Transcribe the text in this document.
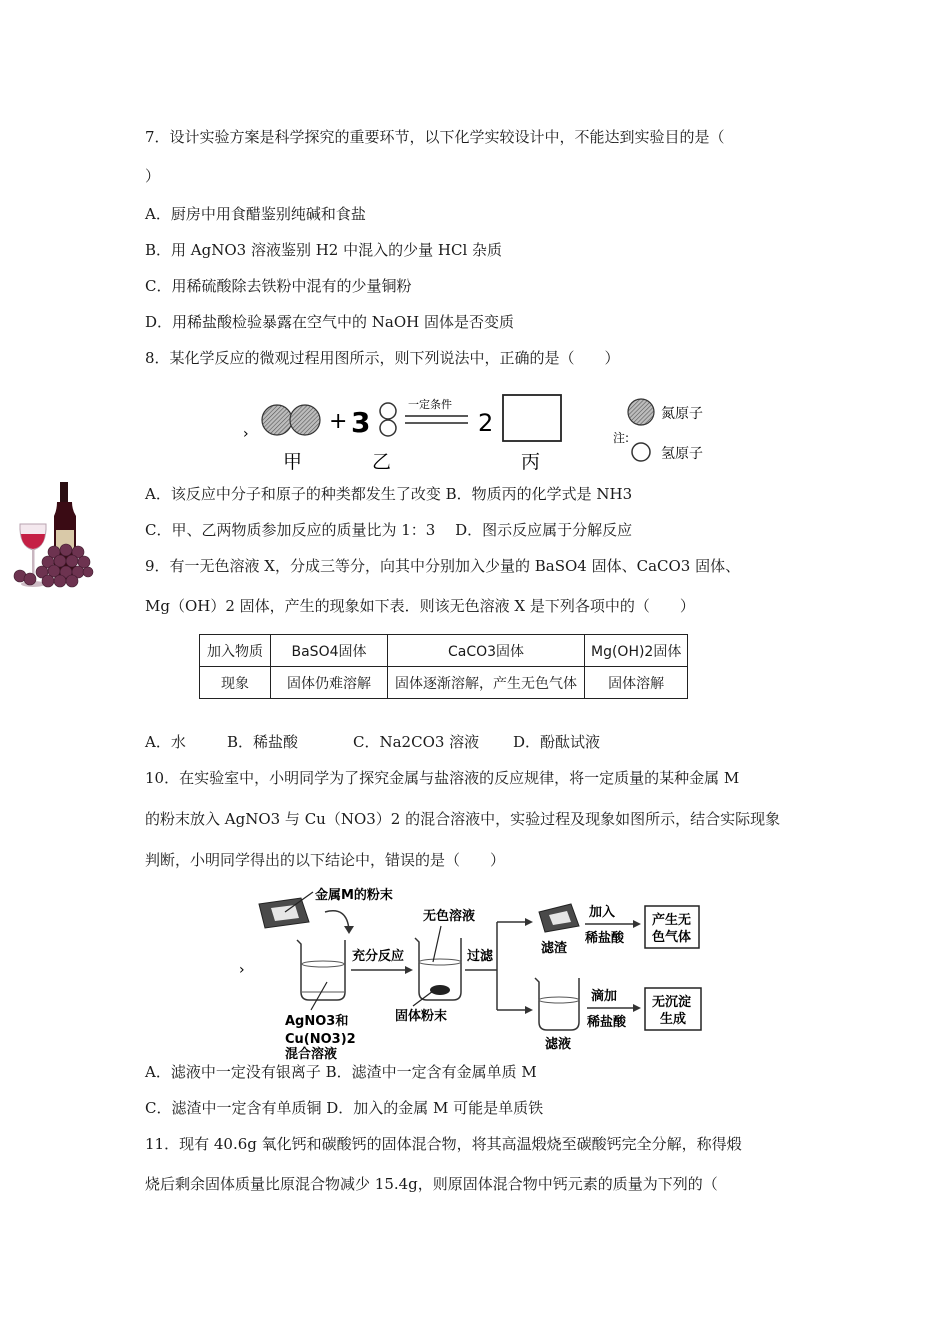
7．设计实验方案是科学探究的重要环节，以下化学实较设计中，不能达到实验目的是（
）
A．厨房中用食醋鉴别纯碱和食盐
B．用 AgNO3 溶液鉴别 H2 中混入的少量 HCl 杂质
C．用稀硫酸除去铁粉中混有的少量铜粉
D．用稀盐酸检验暴露在空气中的 NaOH 固体是否变质
8．某化学反应的微观过程用图所示，则下列说法中，正确的是（　　）
›	+ 3
一定条件
2	氮原子
注:
氢原子
甲	乙	丙
A．该反应中分子和原子的种类都发生了改变 B．物质丙的化学式是 NH3
C．甲、乙两物质参加反应的质量比为 1：3　 D．图示反应属于分解反应
9．有一无色溶液 X，分成三等分，向其中分别加入少量的 BaSO4 固体、CaCO3 固体、
Mg（OH）2 固体，产生的现象如下表．则该无色溶液 X 是下列各项中的（　　）
加入物质	BaSO4固体	CaCO3固体	Mg(OH)2固体
现象	固体仍难溶解	固体逐渐溶解，产生无色气体	固体溶解
A．水	B．稀盐酸	C．Na2CO3 溶液 D．酚酞试液
10．在实验室中，小明同学为了探究金属与盐溶液的反应规律，将一定质量的某种金属 M
的粉末放入 AgNO3 与 Cu（NO3）2 的混合溶液中，实验过程及现象如图所示，结合实际现象
判断，小明同学得出的以下结论中，错误的是（　　）
›
金属M的粉末
AgNO3和
Cu(NO3)2
混合溶液
充分反应
无色溶液
固体粉末
过滤
滤渣
加入
稀盐酸
产生无
色气体
滤液
滴加
稀盐酸
无沉淀
生成
A．滤液中一定没有银离子 B．滤渣中一定含有金属单质 M
C．滤渣中一定含有单质铜 D．加入的金属 M 可能是单质铁
11．现有 40.6g 氧化钙和碳酸钙的固体混合物，将其高温煅烧至碳酸钙完全分解，称得煅
烧后剩余固体质量比原混合物减少 15.4g，则原固体混合物中钙元素的质量为下列的（
